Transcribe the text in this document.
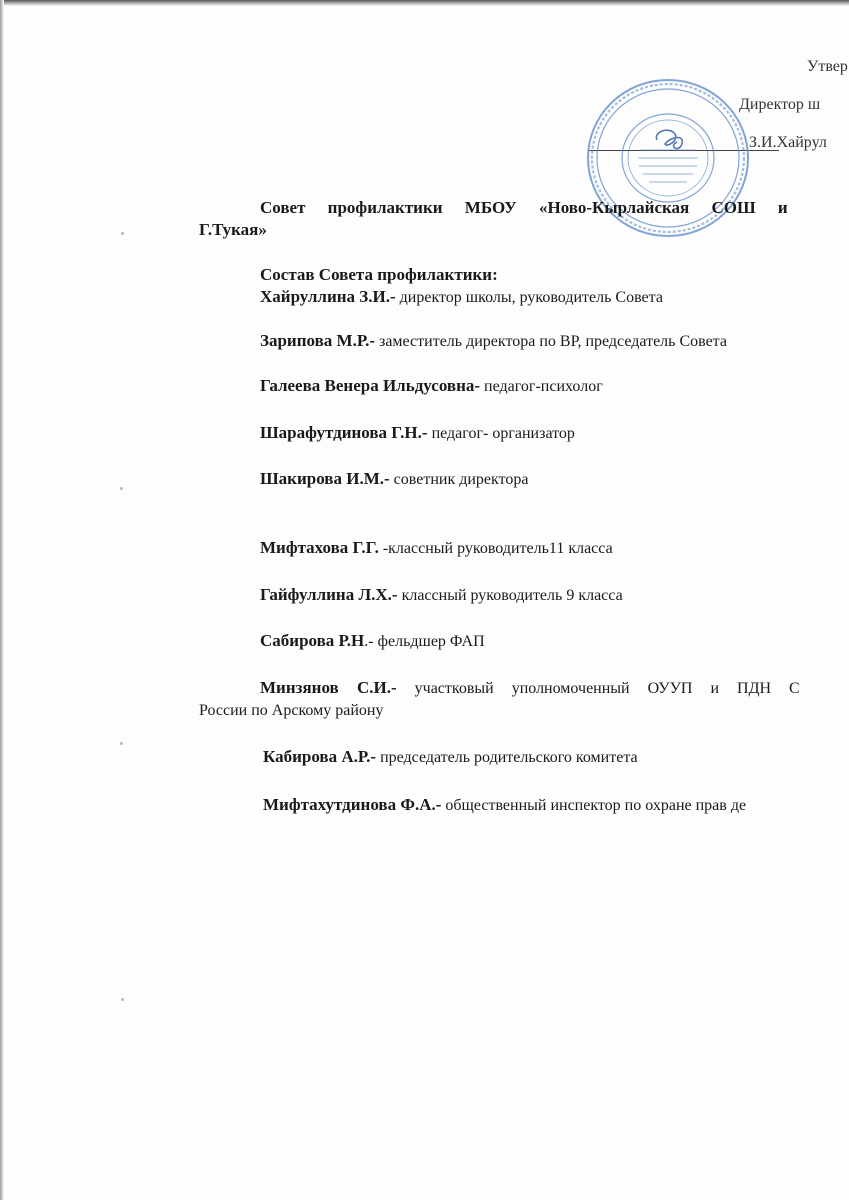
Утвер
Директор ш
З.И.Хайрул
Совет профилактики МБОУ «Ново-Кырлайская СОШ и
Г.Тукая»
Состав Совета профилактики:
Хайруллина З.И.- директор школы, руководитель Совета
Зарипова М.Р.- заместитель директора по ВР, председатель Совета
Галеева Венера Ильдусовна- педагог-психолог
Шарафутдинова Г.Н.- педагог- организатор
Шакирова И.М.- советник директора
Мифтахова Г.Г. -классный руководитель11 класса
Гайфуллина Л.Х.- классный руководитель 9 класса
Сабирова Р.Н.- фельдшер ФАП
Минзянов С.И.- участковый уполномоченный ОУУП и ПДН С
России по Арскому району
Кабирова А.Р.- председатель родительского комитета
Мифтахутдинова Ф.А.- общественный инспектор по охране прав де
